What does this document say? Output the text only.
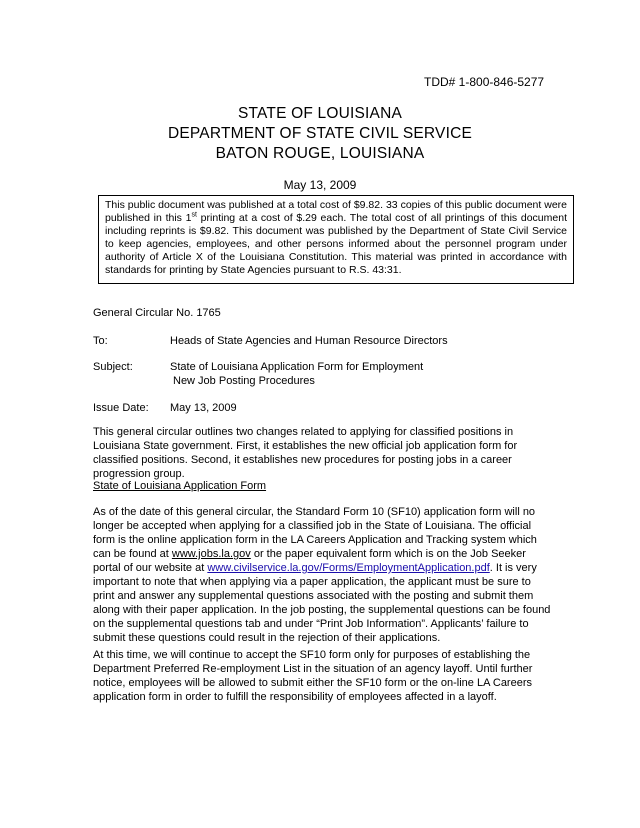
TDD# 1-800-846-5277
STATE OF LOUISIANA
DEPARTMENT OF STATE CIVIL SERVICE
BATON ROUGE, LOUISIANA
May 13, 2009
This public document was published at a total cost of $9.82. 33 copies of this public document were published in this 1st printing at a cost of $.29 each. The total cost of all printings of this document including reprints is $9.82. This document was published by the Department of State Civil Service to keep agencies, employees, and other persons informed about the personnel program under authority of Article X of the Louisiana Constitution. This material was printed in accordance with standards for printing by State Agencies pursuant to R.S. 43:31.
General Circular No. 1765
To:	Heads of State Agencies and Human Resource Directors
Subject:	State of Louisiana Application Form for Employment
New Job Posting Procedures
Issue Date: May 13, 2009
This general circular outlines two changes related to applying for classified positions in Louisiana State government. First, it establishes the new official job application form for classified positions. Second, it establishes new procedures for posting jobs in a career progression group.
State of Louisiana Application Form
As of the date of this general circular, the Standard Form 10 (SF10) application form will no longer be accepted when applying for a classified job in the State of Louisiana. The official form is the online application form in the LA Careers Application and Tracking system which can be found at www.jobs.la.gov or the paper equivalent form which is on the Job Seeker portal of our website at www.civilservice.la.gov/Forms/EmploymentApplication.pdf. It is very important to note that when applying via a paper application, the applicant must be sure to print and answer any supplemental questions associated with the posting and submit them along with their paper application. In the job posting, the supplemental questions can be found on the supplemental questions tab and under “Print Job Information”. Applicants’ failure to submit these questions could result in the rejection of their applications.
At this time, we will continue to accept the SF10 form only for purposes of establishing the Department Preferred Re-employment List in the situation of an agency layoff. Until further notice, employees will be allowed to submit either the SF10 form or the on-line LA Careers application form in order to fulfill the responsibility of employees affected in a layoff.
